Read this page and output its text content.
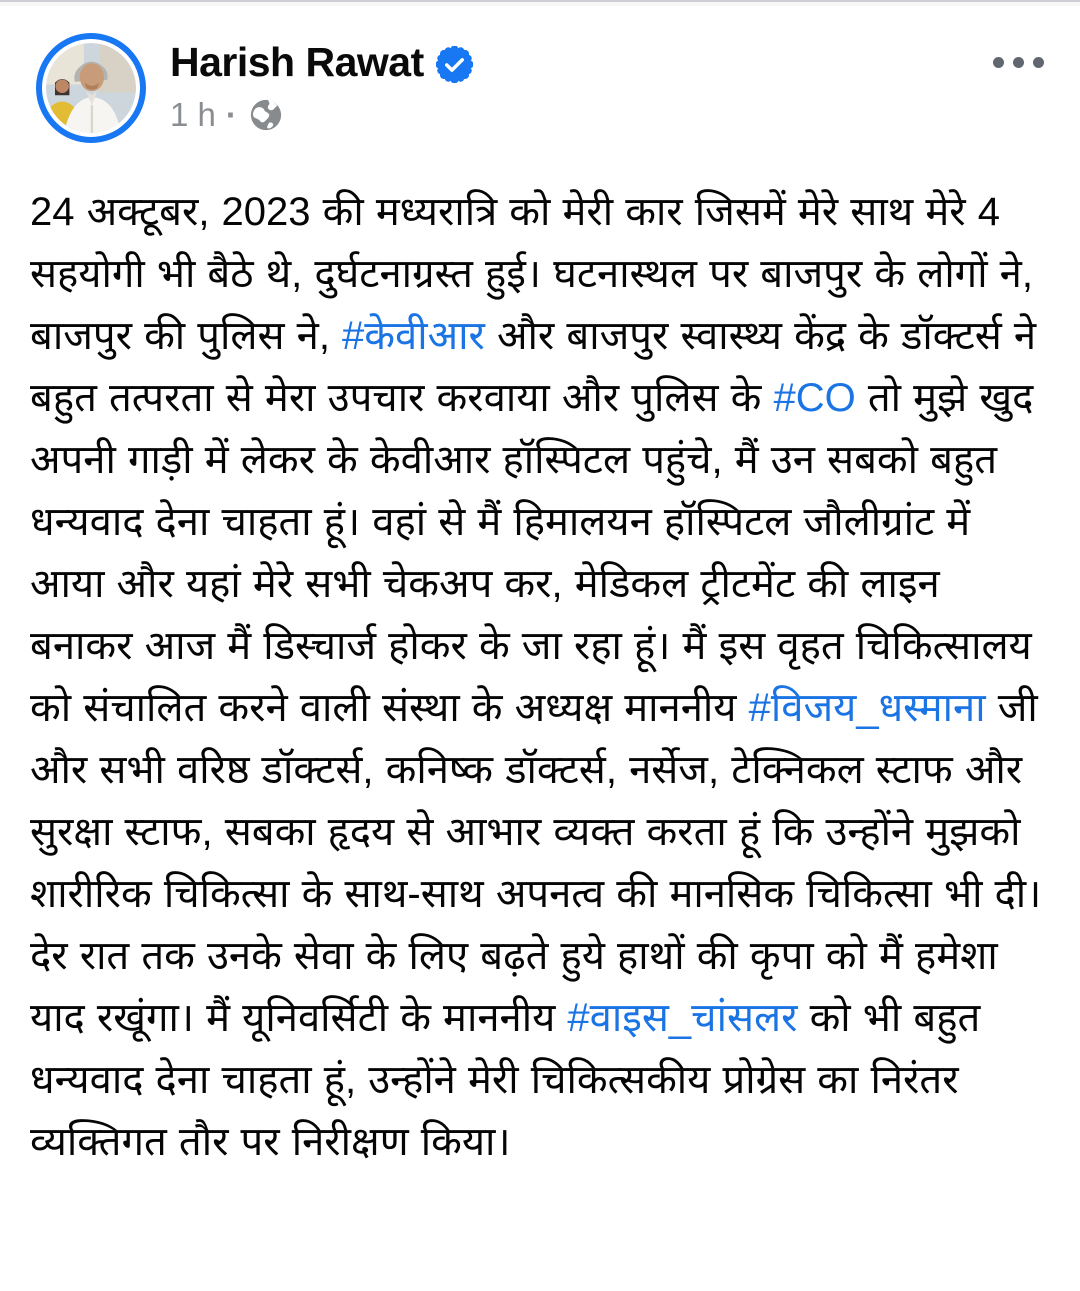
Harish Rawat
1 h ·
24 अक्टूबर, 2023 की मध्यरात्रि को मेरी कार जिसमें मेरे साथ मेरे 4 सहयोगी भी बैठे थे, दुर्घटनाग्रस्त हुई। घटनास्थल पर बाजपुर के लोगों ने, बाजपुर की पुलिस ने, #केवीआर और बाजपुर स्वास्थ्य केंद्र के डॉक्टर्स ने बहुत तत्परता से मेरा उपचार करवाया और पुलिस के #CO तो मुझे खुद अपनी गाड़ी में लेकर के केवीआर हॉस्पिटल पहुंचे, मैं उन सबको बहुत धन्यवाद देना चाहता हूं। वहां से मैं हिमालयन हॉस्पिटल जौलीग्रांट में आया और यहां मेरे सभी चेकअप कर, मेडिकल ट्रीटमेंट की लाइन बनाकर आज मैं डिस्चार्ज होकर के जा रहा हूं। मैं इस वृहत चिकित्सालय को संचालित करने वाली संस्था के अध्यक्ष माननीय #विजय_धस्माना जी और सभी वरिष्ठ डॉक्टर्स, कनिष्क डॉक्टर्स, नर्सेज, टेक्निकल स्टाफ और सुरक्षा स्टाफ, सबका हृदय से आभार व्यक्त करता हूं कि उन्होंने मुझको शारीरिक चिकित्सा के साथ-साथ अपनत्व की मानसिक चिकित्सा भी दी। देर रात तक उनके सेवा के लिए बढ़ते हुये हाथों की कृपा को मैं हमेशा याद रखूंगा। मैं यूनिवर्सिटी के माननीय #वाइस_चांसलर को भी बहुत धन्यवाद देना चाहता हूं, उन्होंने मेरी चिकित्सकीय प्रोग्रेस का निरंतर व्यक्तिगत तौर पर निरीक्षण किया।
